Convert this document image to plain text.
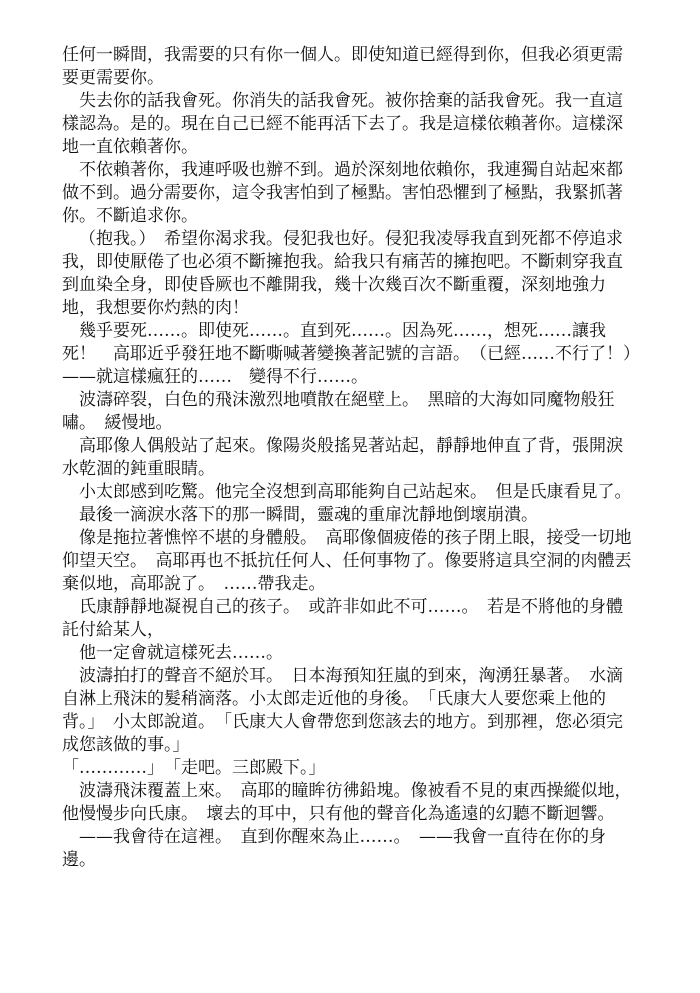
任何一瞬間，我需要的只有你一個人。即使知道已經得到你，但我必須更需要更需要你。

失去你的話我會死。你消失的話我會死。被你捨棄的話我會死。我一直這樣認為。是的。現在自己已經不能再活下去了。我是這樣依賴著你。這樣深地一直依賴著你。

不依賴著你，我連呼吸也辦不到。過於深刻地依賴你，我連獨自站起來都做不到。過分需要你，這令我害怕到了極點。害怕恐懼到了極點，我緊抓著你。不斷追求你。

（抱我。）　希望你渴求我。侵犯我也好。侵犯我凌辱我直到死都不停追求我，即使厭倦了也必須不斷擁抱我。給我只有痛苦的擁抱吧。不斷刺穿我直到血染全身，即使昏厥也不離開我，幾十次幾百次不斷重覆，深刻地強力地，我想要你灼熱的肉！

幾乎要死……。即使死……。直到死……。因為死……，想死……讓我死！　高耶近乎發狂地不斷嘶喊著變換著記號的言語。　（已經……不行了！）　——就這樣瘋狂的……　變得不行……。

波濤碎裂，白色的飛沫激烈地噴散在絕壁上。　黑暗的大海如同魔物般狂嘯。　緩慢地。

高耶像人偶般站了起來。像陽炎般搖晃著站起，靜靜地伸直了背，張開淚水乾涸的鈍重眼睛。

小太郎感到吃驚。他完全沒想到高耶能夠自己站起來。　但是氏康看見了。

最後一滴淚水落下的那一瞬間，靈魂的重扉沈靜地倒壞崩潰。

像是拖拉著憔悴不堪的身體般。　高耶像個疲倦的孩子閉上眼，接受一切地仰望天空。　高耶再也不抵抗任何人、任何事物了。像要將這具空洞的肉體丟棄似地，高耶說了。　……帶我走。

氏康靜靜地凝視自己的孩子。　或許非如此不可……。　若是不將他的身體託付給某人，

他一定會就這樣死去……。

波濤拍打的聲音不絕於耳。　日本海預知狂嵐的到來，洶湧狂暴著。　水滴自淋上飛沫的髮稍滴落。小太郎走近他的身後。　「氏康大人要您乘上他的背。」　小太郎說道。　「氏康大人會帶您到您該去的地方。到那裡，您必須完成您該做的事。」

「…………」　「走吧。三郎殿下。」

波濤飛沫覆蓋上來。　高耶的瞳眸彷彿鉛塊。像被看不見的東西操縱似地，他慢慢步向氏康。　壞去的耳中，只有他的聲音化為遙遠的幻聽不斷迴響。

——我會待在這裡。　直到你醒來為止……。　——我會一直待在你的身邊。
